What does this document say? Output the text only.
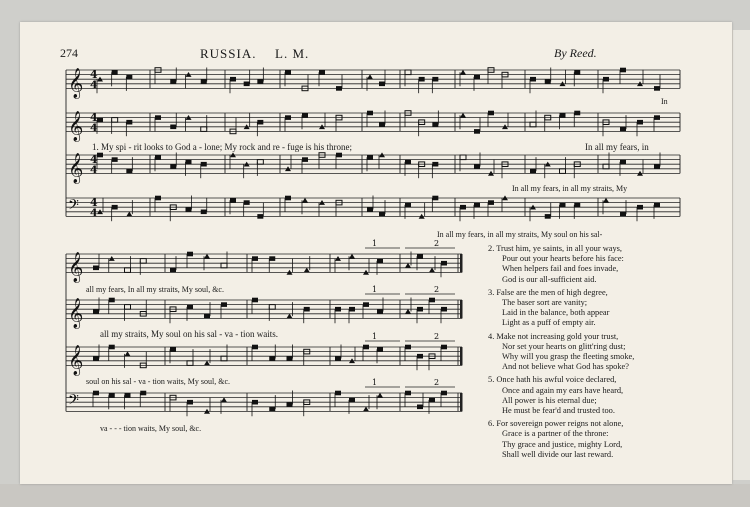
274	RUSSIA. L. M.	By Reed.
𝄞
𝄞
𝄞
𝄢
𝄞
𝄞
𝄞
𝄢
4
4
4
4
4
4
4
4
1	2
1	2
1	2
1	2
In
1. My spi - rit looks to God a - lone; My rock and re - fuge is his throne;	In all my fears, in
In all my fears, in all my straits, My
In all my fears, in all my straits, My soul on his sal-
all my fears, In all my straits, My soul, &c.
all my straits, My soul on his sal - va - tion waits.
soul on his sal - va - tion waits, My soul, &c.
va - - - tion waits, My soul, &c.
2. Trust him, ye saints, in all your ways,
Pour out your hearts before his face:
When helpers fail and foes invade,
God is our all-sufficient aid.
3. False are the men of high degree,
The baser sort are vanity;
Laid in the balance, both appear
Light as a puff of empty air.
4. Make not increasing gold your trust,
Nor set your hearts on glitt'ring dust;
Why will you grasp the fleeting smoke,
And not believe what God has spoke?
5. Once hath his awful voice declared,
Once and again my ears have heard,
All power is his eternal due;
He must be fear'd and trusted too.
6. For sovereign power reigns not alone,
Grace is a partner of the throne:
Thy grace and justice, mighty Lord,
Shall well divide our last reward.
